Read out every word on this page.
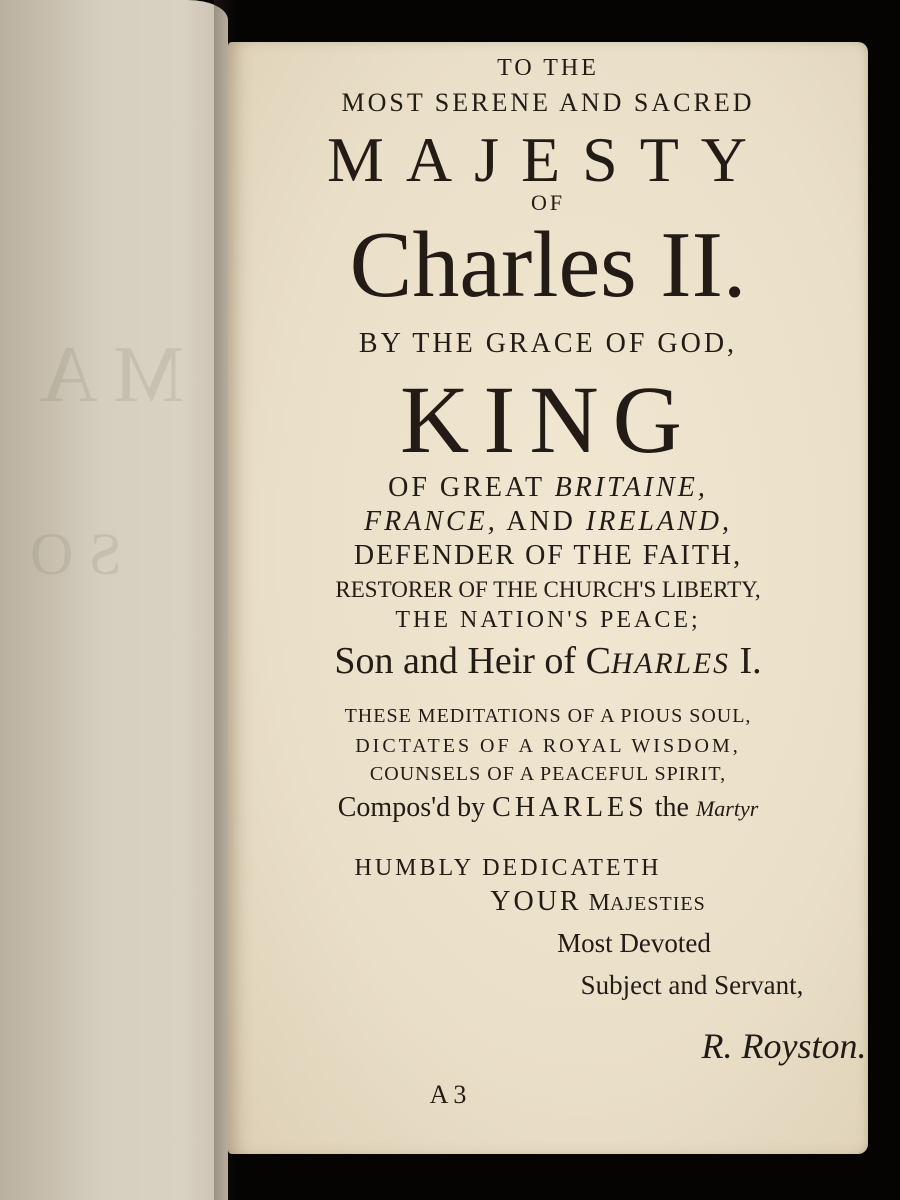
M A
S O
TO THE
MOST SERENE AND SACRED
MAJESTY
OF
Charles II.
BY THE GRACE OF GOD,
KING
OF GREAT BRITAINE,
FRANCE, AND IRELAND,
DEFENDER OF THE FAITH,
RESTORER OF THE CHURCH'S LIBERTY,
THE NATION'S PEACE;
Son and Heir of CHARLES I.
THESE MEDITATIONS OF A PIOUS SOUL,
DICTATES OF A ROYAL WISDOM,
COUNSELS OF A PEACEFUL SPIRIT,
Compos'd by CHARLES the Martyr
HUMBLY DEDICATETH
YOUR MAJESTIES
Most Devoted
Subject and Servant,
R. Royston.
A 3
